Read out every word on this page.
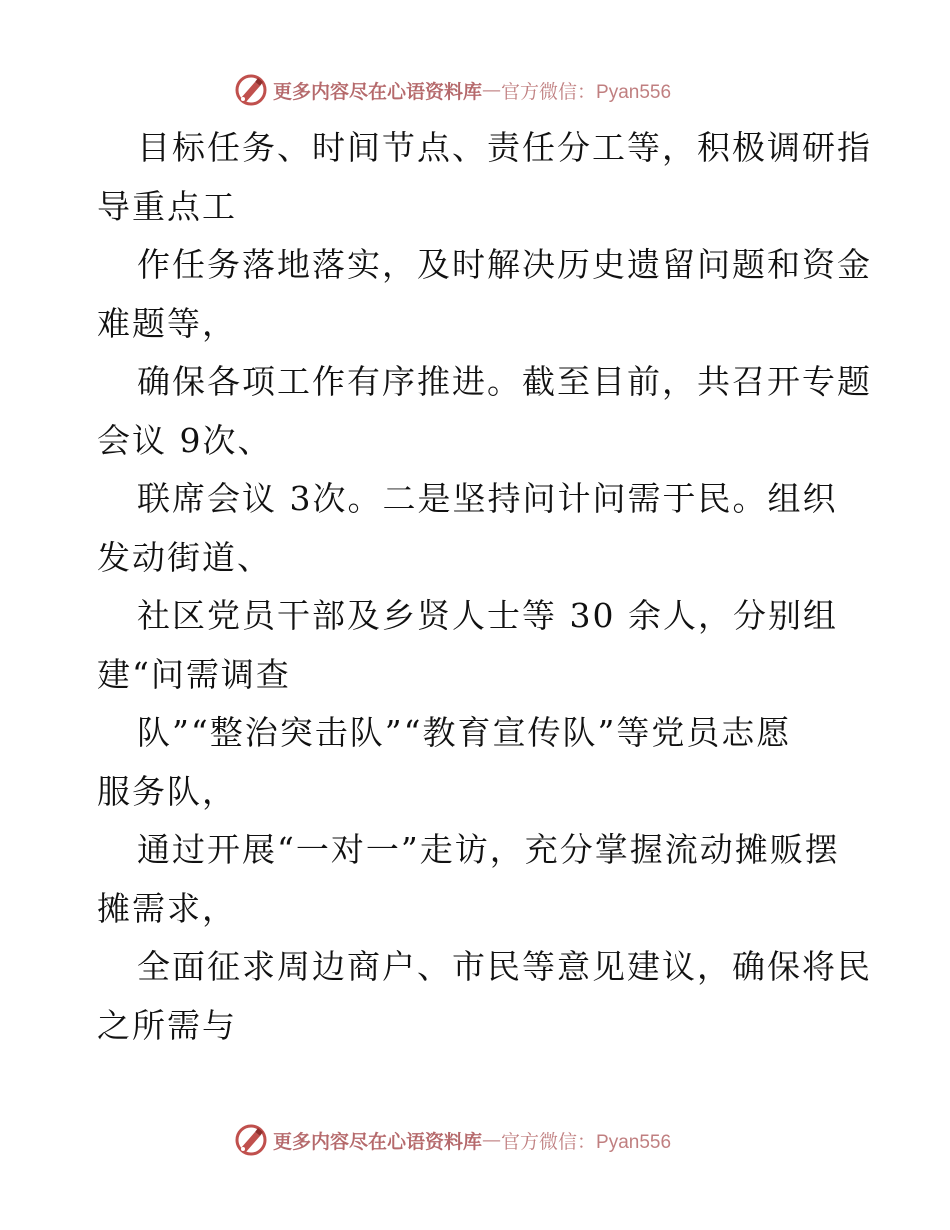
更多内容尽在心语资料库 — 官方微信：Pyan556
目标任务、时间节点、责任分工等，积极调研指
导重点工
作任务落地落实，及时解决历史遗留问题和资金
难题等，
确保各项工作有序推进。截至目前，共召开专题
会议 9次、
联席会议 3次。二是坚持问计问需于民。组织
发动街道、
社区党员干部及乡贤人士等 30 余人，分别组
建“问需调查
队”“整治突击队”“教育宣传队”等党员志愿
服务队，
通过开展“一对一”走访，充分掌握流动摊贩摆
摊需求，
全面征求周边商户、市民等意见建议，确保将民
之所需与
更多内容尽在心语资料库 — 官方微信：Pyan556
